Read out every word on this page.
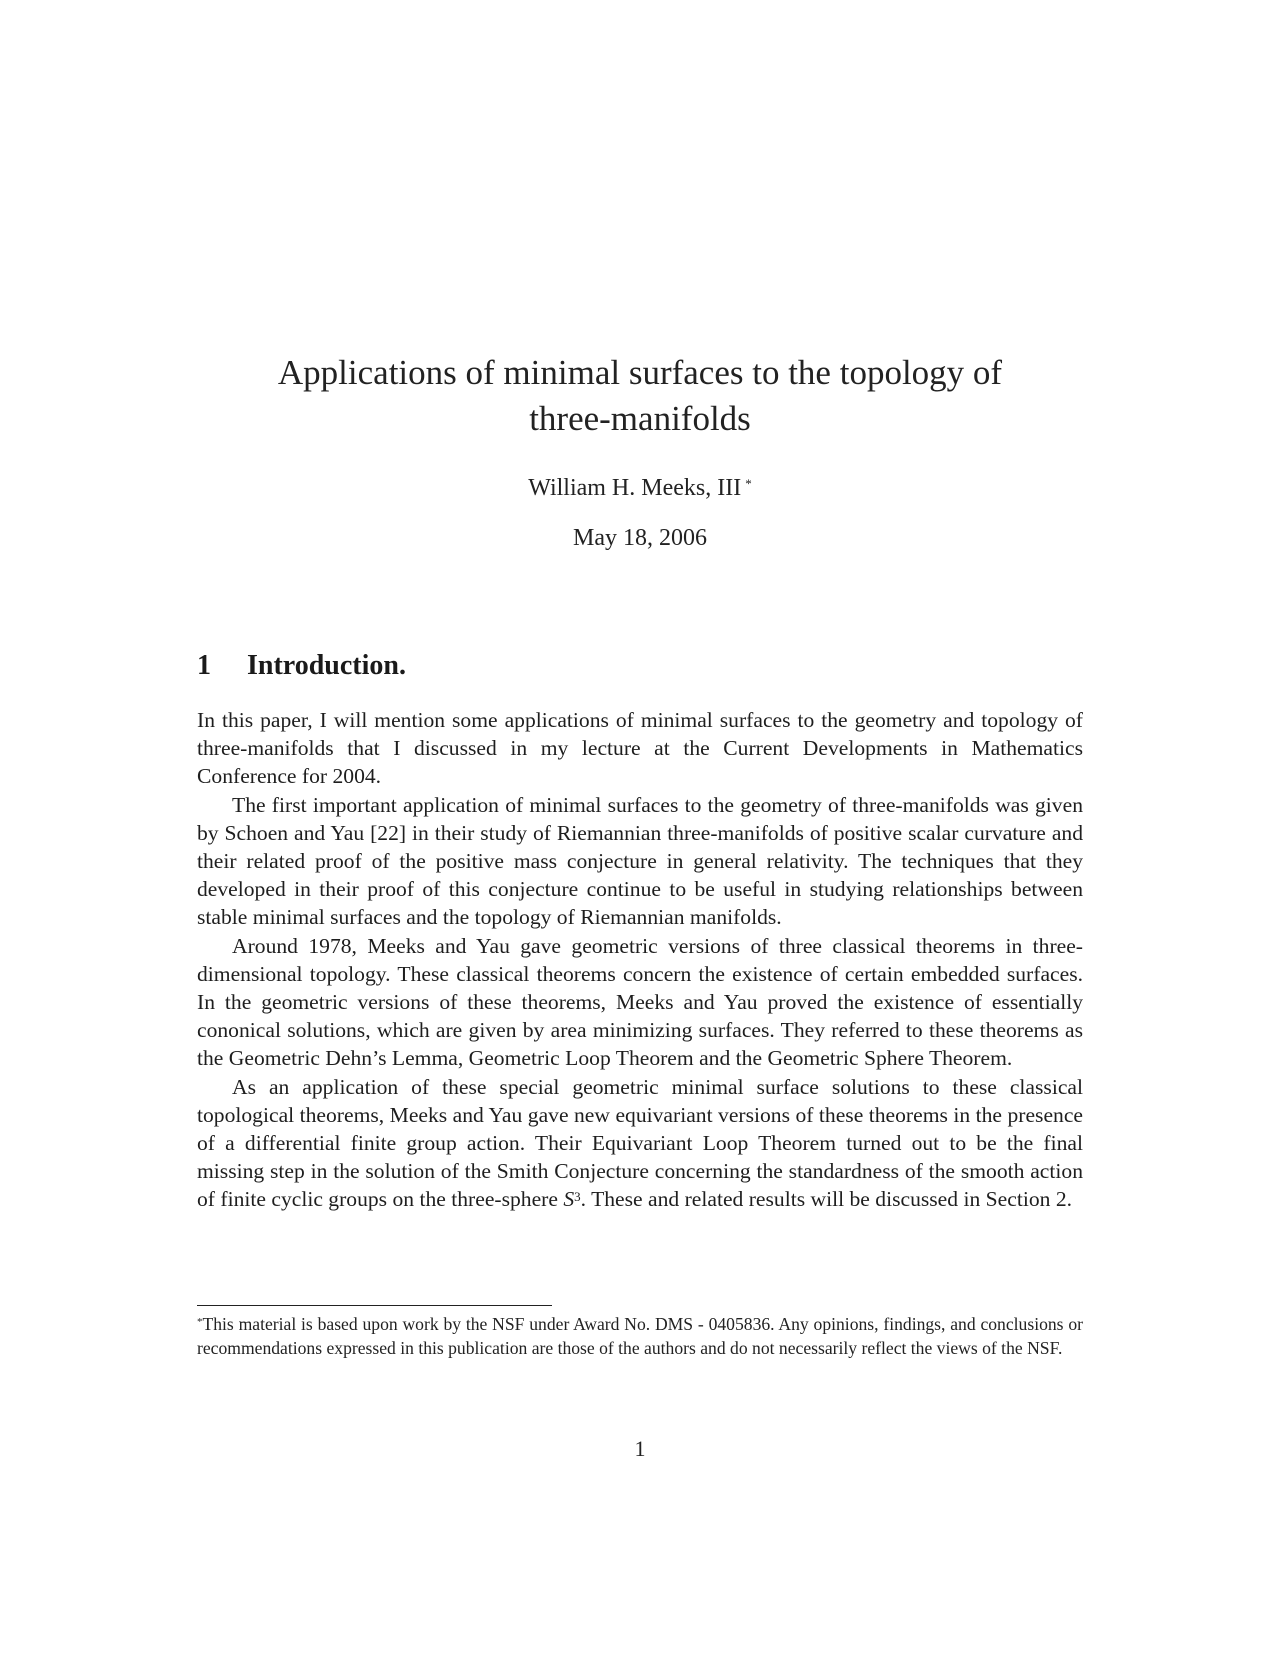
Applications of minimal surfaces to the topology of
three-manifolds
William H. Meeks, III *
May 18, 2006
1 Introduction.

In this paper, I will mention some applications of minimal surfaces to the geometry and topology of three-manifolds that I discussed in my lecture at the Current Developments in Mathematics Conference for 2004.

The first important application of minimal surfaces to the geometry of three-manifolds was given by Schoen and Yau [22] in their study of Riemannian three-manifolds of positive scalar curvature and their related proof of the positive mass conjecture in general relativity. The techniques that they developed in their proof of this conjecture continue to be useful in studying relationships between stable minimal surfaces and the topology of Riemannian manifolds.

Around 1978, Meeks and Yau gave geometric versions of three classical theorems in three-dimensional topology. These classical theorems concern the existence of certain embedded surfaces. In the geometric versions of these theorems, Meeks and Yau proved the existence of essentially cononical solutions, which are given by area minimizing surfaces. They referred to these theorems as the Geometric Dehn’s Lemma, Geometric Loop Theorem and the Geometric Sphere Theorem.

As an application of these special geometric minimal surface solutions to these classical topological theorems, Meeks and Yau gave new equivariant versions of these theorems in the presence of a differential finite group action. Their Equivariant Loop Theorem turned out to be the final missing step in the solution of the Smith Conjecture concerning the standardness of the smooth action of finite cyclic groups on the three-sphere $S^3$. These and related results will be discussed in Section 2.

*This material is based upon work by the NSF under Award No. DMS - 0405836. Any opinions, findings, and conclusions or recommendations expressed in this publication are those of the authors and do not necessarily reflect the views of the NSF.

1
